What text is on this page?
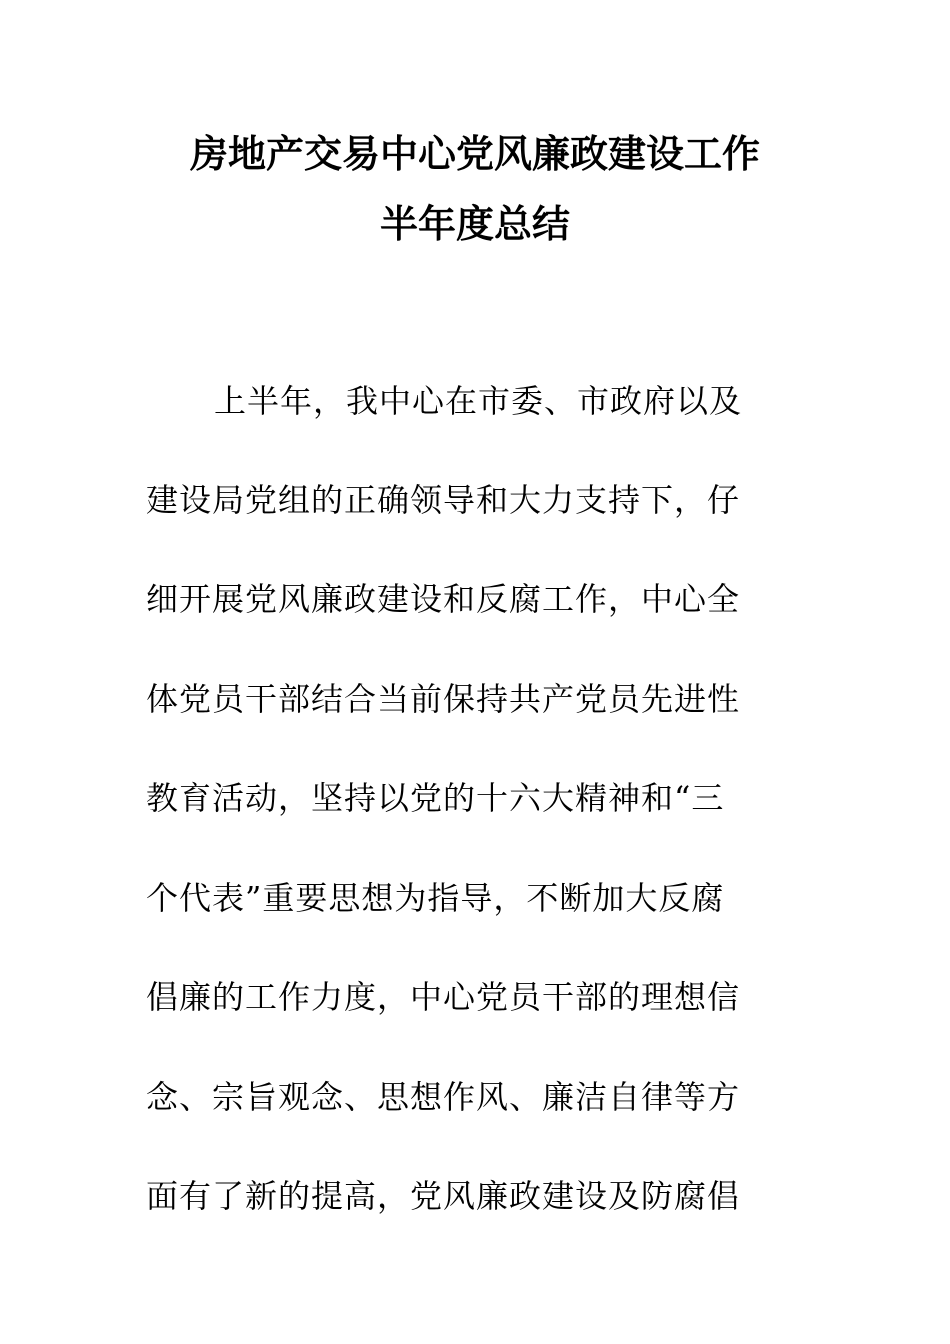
房地产交易中心党风廉政建设工作
半年度总结
上半年，我中心在市委、市政府以及
建设局党组的正确领导和大力支持下，仔
细开展党风廉政建设和反腐工作，中心全
体党员干部结合当前保持共产党员先进性
教育活动，坚持以党的十六大精神和“三
个代表”重要思想为指导，不断加大反腐
倡廉的工作力度，中心党员干部的理想信
念、宗旨观念、思想作风、廉洁自律等方
面有了新的提高，党风廉政建设及防腐倡
